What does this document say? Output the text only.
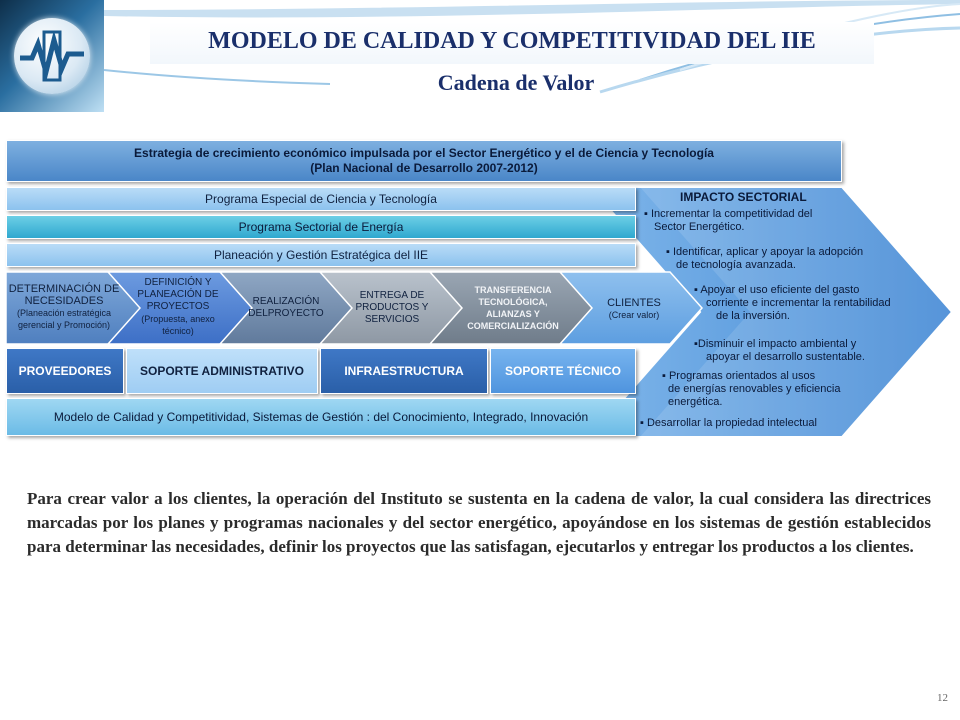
MODELO DE CALIDAD Y COMPETITIVIDAD DEL IIE
Cadena de Valor
Estrategia de crecimiento económico impulsada por el Sector Energético y el de Ciencia y Tecnología
(Plan Nacional de Desarrollo 2007-2012)
Programa Especial de Ciencia y Tecnología
Programa Sectorial de Energía
Planeación y Gestión Estratégica del IIE
DETERMINACIÓN DE
NECESIDADES
(Planeación estratégica
gerencial y Promoción)
DEFINICIÓN Y
PLANEACIÓN DE
PROYECTOS
(Propuesta, anexo
técnico)
REALIZACIÓN
DELPROYECTO
ENTREGA DE
PRODUCTOS Y
SERVICIOS
TRANSFERENCIA
TECNOLÓGICA,
ALIANZAS Y
COMERCIALIZACIÓN
CLIENTES
(Crear valor)
PROVEEDORES	SOPORTE ADMINISTRATIVO	INFRAESTRUCTURA	SOPORTE TÉCNICO
Modelo de Calidad y Competitividad, Sistemas de Gestión : del Conocimiento, Integrado, Innovación
IMPACTO SECTORIAL
▪ Incrementar la competitividad del
Sector Energético.
▪ Identificar, aplicar y apoyar la adopción
de tecnología avanzada.
▪ Apoyar el uso eficiente del gasto
corriente e incrementar la rentabilidad
de la inversión.
▪Disminuir el impacto ambiental y
apoyar el desarrollo sustentable.
▪ Programas orientados al usos
de energías renovables y eficiencia
energética.
▪ Desarrollar la propiedad intelectual
Para crear valor a los clientes, la operación del Instituto se sustenta en la cadena de valor, la cual considera las directrices marcadas por los planes y programas nacionales y del sector energético, apoyándose en los sistemas de gestión establecidos para determinar las necesidades, definir los proyectos que las satisfagan, ejecutarlos y entregar los productos a los clientes.
12
